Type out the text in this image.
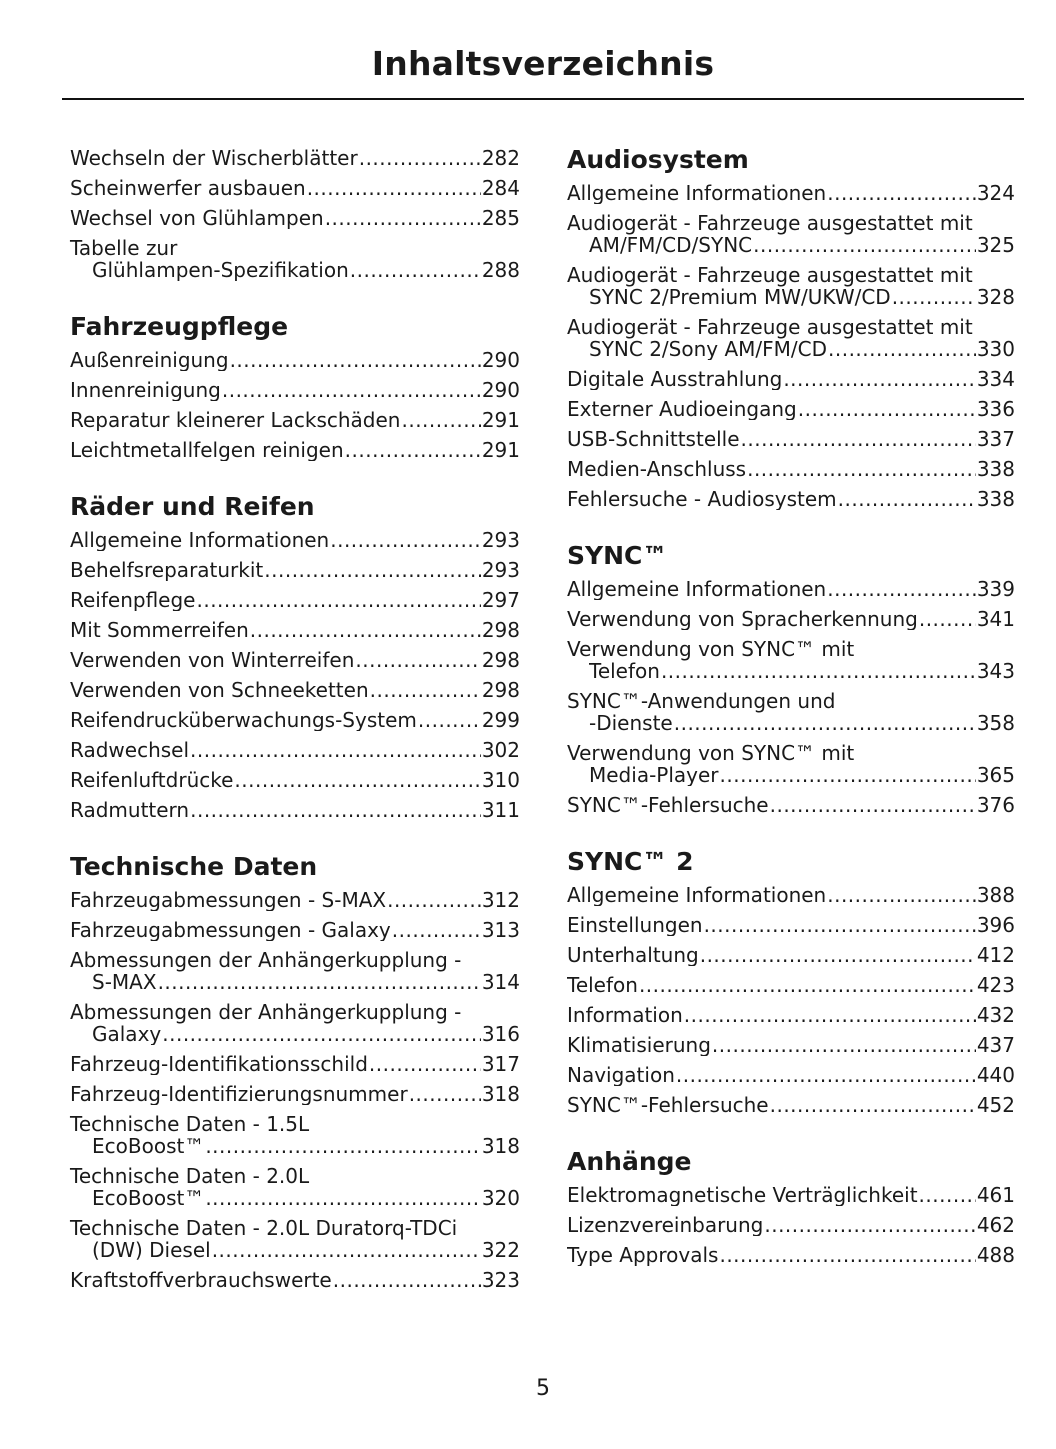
Inhaltsverzeichnis
Wechseln der Wischerblätter .....	282
Scheinwerfer ausbauen .....	284
Wechsel von Glühlampen .....	285
Tabelle zur
Glühlampen-Spezifikation .....	288
Fahrzeugpflege
Außenreinigung .....	290
Innenreinigung .....	290
Reparatur kleinerer Lackschäden .....	291
Leichtmetallfelgen reinigen .....	291
Räder und Reifen
Allgemeine Informationen .....	293
Behelfsreparaturkit .....	293
Reifenpflege .....	297
Mit Sommerreifen .....	298
Verwenden von Winterreifen .....	298
Verwenden von Schneeketten .....	298
Reifendrucküberwachungs-System .....	299
Radwechsel .....	302
Reifenluftdrücke .....	310
Radmuttern .....	311
Technische Daten
Fahrzeugabmessungen - S-MAX .....	312
Fahrzeugabmessungen - Galaxy .....	313
Abmessungen der Anhängerkupplung -
S-MAX .....	314
Abmessungen der Anhängerkupplung -
Galaxy .....	316
Fahrzeug-Identifikationsschild .....	317
Fahrzeug-Identifizierungsnummer .....	318
Technische Daten - 1.5L
EcoBoost™ .....	318
Technische Daten - 2.0L
EcoBoost™ .....	320
Technische Daten - 2.0L Duratorq-TDCi
(DW) Diesel .....	322
Kraftstoffverbrauchswerte .....	323
Audiosystem
Allgemeine Informationen .....	324
Audiogerät - Fahrzeuge ausgestattet mit
AM/FM/CD/SYNC .....	325
Audiogerät - Fahrzeuge ausgestattet mit
SYNC 2/Premium MW/UKW/CD .....	328
Audiogerät - Fahrzeuge ausgestattet mit
SYNC 2/Sony AM/FM/CD .....	330
Digitale Ausstrahlung .....	334
Externer Audioeingang .....	336
USB-Schnittstelle .....	337
Medien-Anschluss .....	338
Fehlersuche - Audiosystem .....	338
SYNC™
Allgemeine Informationen .....	339
Verwendung von Spracherkennung .....	341
Verwendung von SYNC™ mit
Telefon .....	343
SYNC™-Anwendungen und
-Dienste .....	358
Verwendung von SYNC™ mit
Media-Player .....	365
SYNC™-Fehlersuche .....	376
SYNC™ 2
Allgemeine Informationen .....	388
Einstellungen .....	396
Unterhaltung .....	412
Telefon .....	423
Information .....	432
Klimatisierung .....	437
Navigation .....	440
SYNC™-Fehlersuche .....	452
Anhänge
Elektromagnetische Verträglichkeit .....	461
Lizenzvereinbarung .....	462
Type Approvals .....	488
5
